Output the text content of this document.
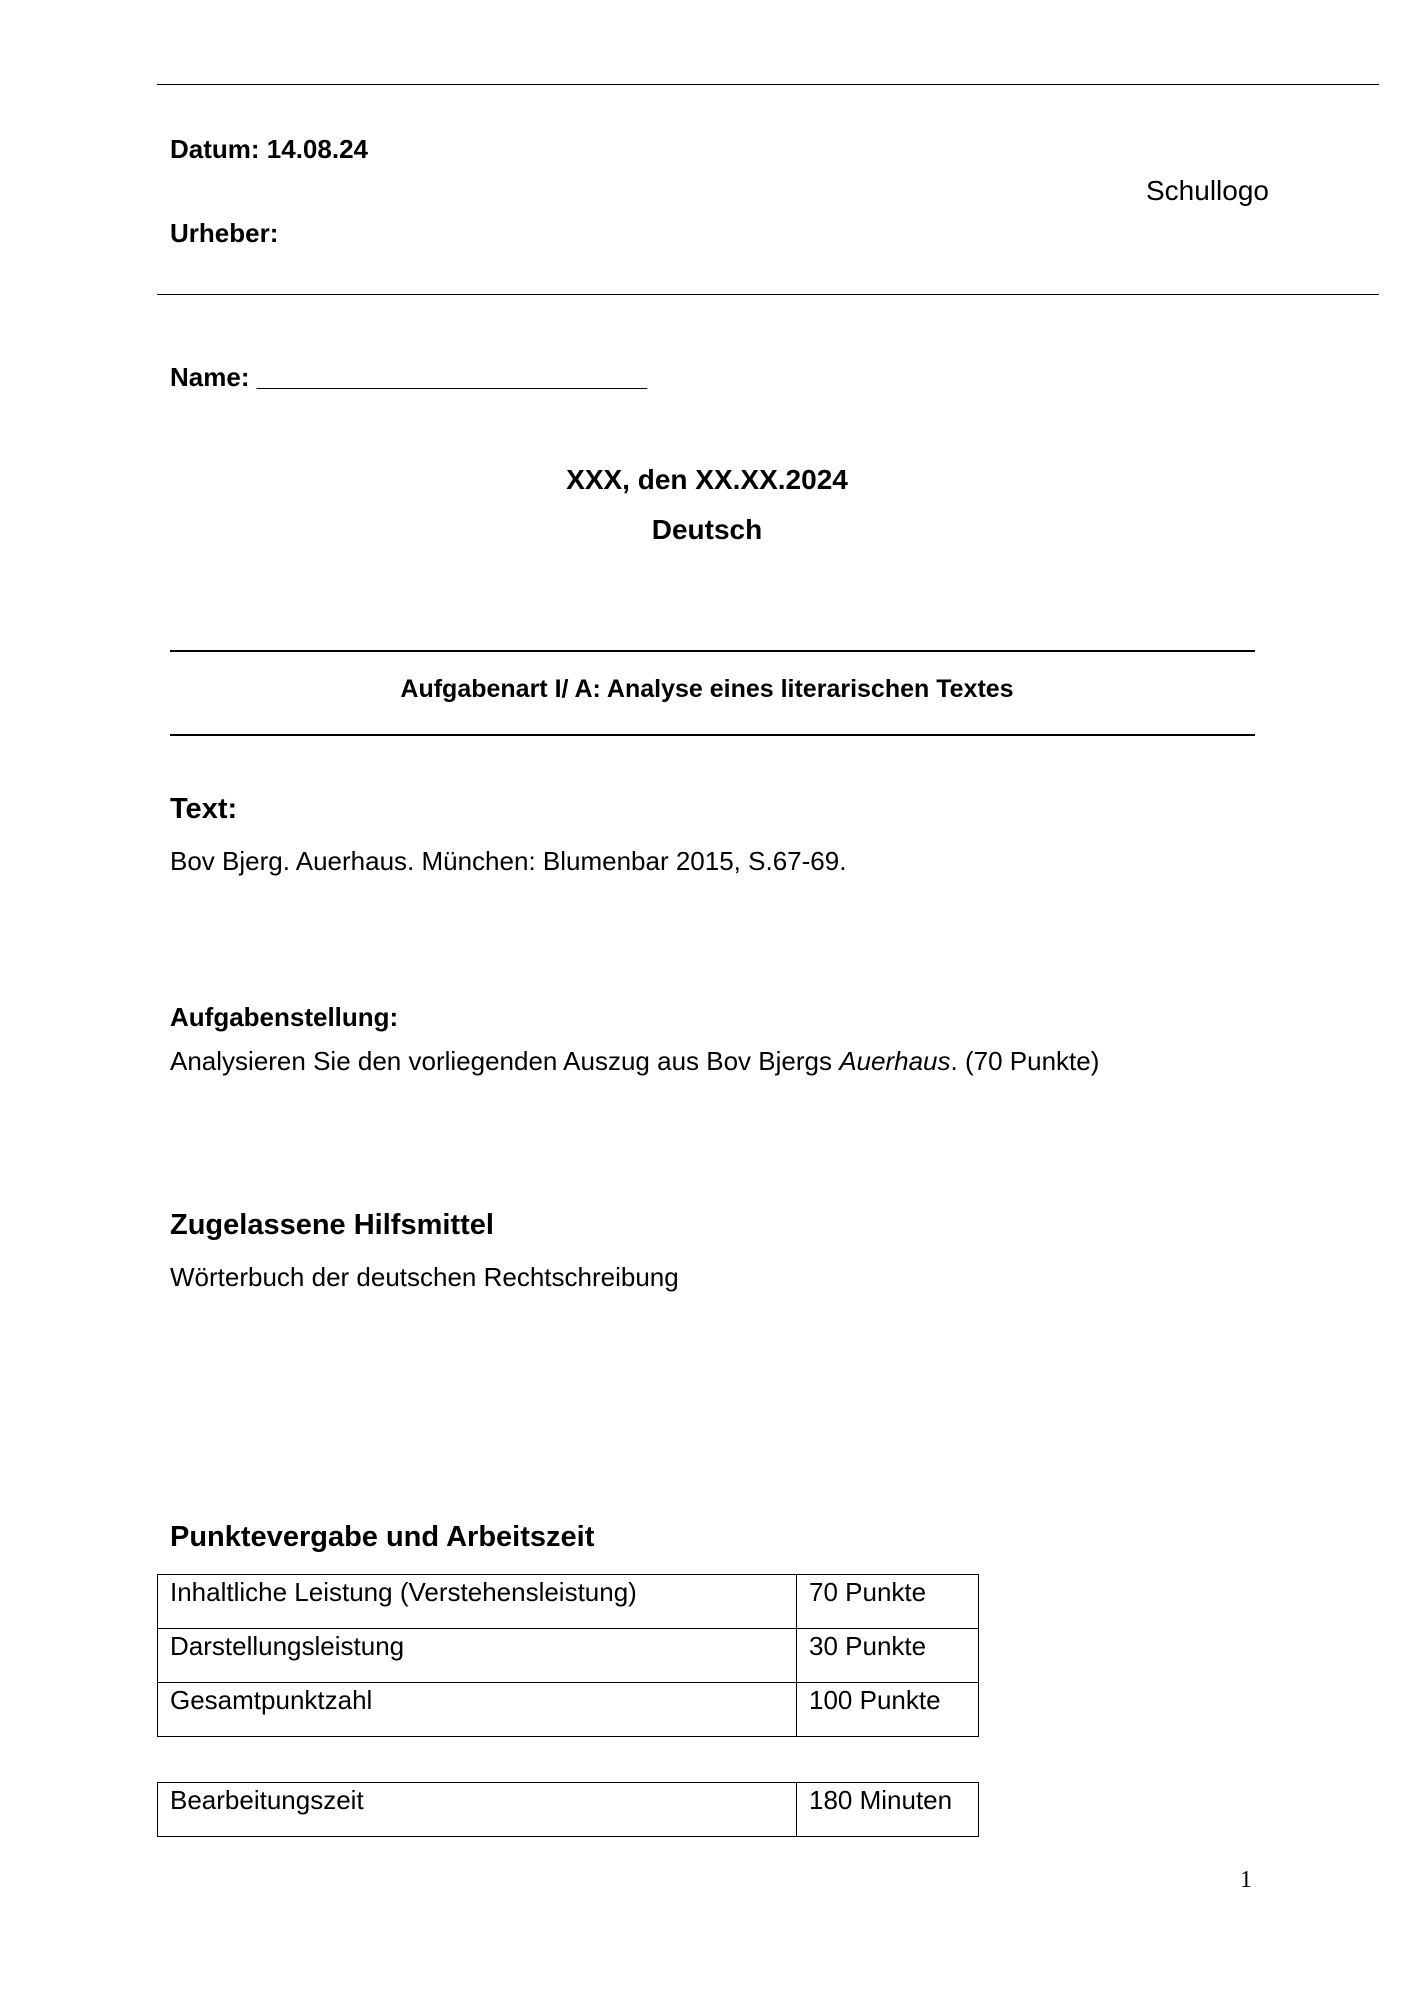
Datum: 14.08.24
Urheber:
Schullogo
Name: ___________________________
XXX, den XX.XX.2024
Deutsch
Aufgabenart I/ A: Analyse eines literarischen Textes
Text:
Bov Bjerg. Auerhaus. München: Blumenbar 2015, S.67-69.
Aufgabenstellung:
Analysieren Sie den vorliegenden Auszug aus Bov Bjergs Auerhaus. (70 Punkte)
Zugelassene Hilfsmittel
Wörterbuch der deutschen Rechtschreibung
Punktevergabe und Arbeitszeit
Inhaltliche Leistung (Verstehensleistung)	70 Punkte
Darstellungsleistung	30 Punkte
Gesamtpunktzahl	100 Punkte
Bearbeitungszeit	180 Minuten
1
